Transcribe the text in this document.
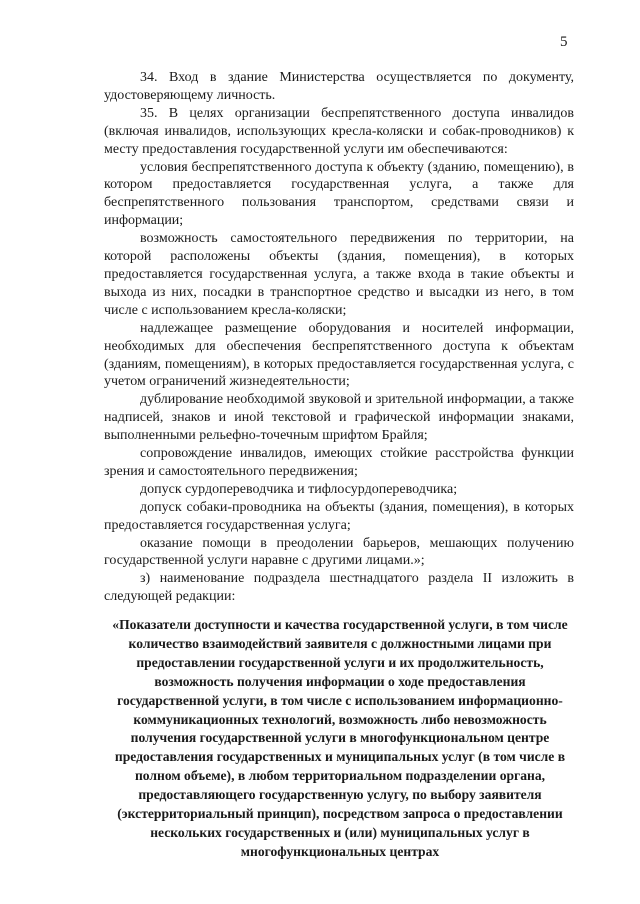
5

34. Вход в здание Министерства осуществляется по документу, удостоверяющему личность.

35. В целях организации беспрепятственного доступа инвалидов (включая инвалидов, использующих кресла-коляски и собак-проводников) к месту предоставления государственной услуги им обеспечиваются:

условия беспрепятственного доступа к объекту (зданию, помещению), в котором предоставляется государственная услуга, а также для беспрепятственного пользования транспортом, средствами связи и информации;

возможность самостоятельного передвижения по территории, на которой расположены объекты (здания, помещения), в которых предоставляется государственная услуга, а также входа в такие объекты и выхода из них, посадки в транспортное средство и высадки из него, в том числе с использованием кресла-коляски;

надлежащее размещение оборудования и носителей информации, необходимых для обеспечения беспрепятственного доступа к объектам (зданиям, помещениям), в которых предоставляется государственная услуга, с учетом ограничений жизнедеятельности;

дублирование необходимой звуковой и зрительной информации, а также надписей, знаков и иной текстовой и графической информации знаками, выполненными рельефно-точечным шрифтом Брайля;

сопровождение инвалидов, имеющих стойкие расстройства функции зрения и самостоятельного передвижения;

допуск сурдопереводчика и тифлосурдопереводчика;

допуск собаки-проводника на объекты (здания, помещения), в которых предоставляется государственная услуга;

оказание помощи в преодолении барьеров, мешающих получению государственной услуги наравне с другими лицами.»;

з) наименование подраздела шестнадцатого раздела II изложить в следующей редакции:

«Показатели доступности и качества государственной услуги, в том числе количество взаимодействий заявителя с должностными лицами при предоставлении государственной услуги и их продолжительность, возможность получения информации о ходе предоставления государственной услуги, в том числе с использованием информационно-коммуникационных технологий, возможность либо невозможность получения государственной услуги в многофункциональном центре предоставления государственных и муниципальных услуг (в том числе в полном объеме), в любом территориальном подразделении органа, предоставляющего государственную услугу, по выбору заявителя (экстерриториальный принцип), посредством запроса о предоставлении нескольких государственных и (или) муниципальных услуг в многофункциональных центрах
